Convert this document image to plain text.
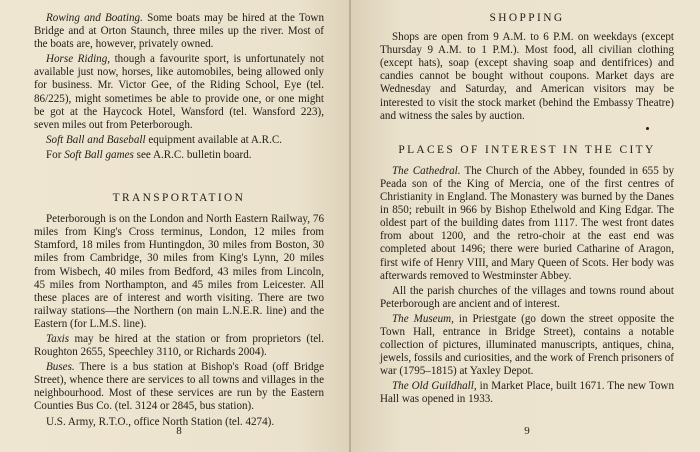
Rowing and Boating. Some boats may be hired at the Town Bridge and at Orton Staunch, three miles up the river. Most of the boats are, however, privately owned.

Horse Riding, though a favourite sport, is unfortunately not available just now, horses, like automobiles, being allowed only for business. Mr. Victor Gee, of the Riding School, Eye (tel. 86/225), might sometimes be able to provide one, or one might be got at the Haycock Hotel, Wansford (tel. Wansford 223), seven miles out from Peterborough.

Soft Ball and Baseball equipment available at A.R.C.

For Soft Ball games see A.R.C. bulletin board.

TRANSPORTATION

Peterborough is on the London and North Eastern Railway, 76 miles from King's Cross terminus, London, 12 miles from Stamford, 18 miles from Huntingdon, 30 miles from Boston, 30 miles from Cambridge, 30 miles from King's Lynn, 20 miles from Wisbech, 40 miles from Bedford, 43 miles from Lincoln, 45 miles from Northampton, and 45 miles from Leicester. All these places are of interest and worth visiting. There are two railway stations—the Northern (on main L.N.E.R. line) and the Eastern (for L.M.S. line).

Taxis may be hired at the station or from proprietors (tel. Roughton 2655, Speechley 3110, or Richards 2004).

Buses. There is a bus station at Bishop's Road (off Bridge Street), whence there are services to all towns and villages in the neighbourhood. Most of these services are run by the Eastern Counties Bus Co. (tel. 3124 or 2845, bus station).

U.S. Army, R.T.O., office North Station (tel. 4274).

8
SHOPPING

Shops are open from 9 A.M. to 6 P.M. on weekdays (except Thursday 9 A.M. to 1 P.M.). Most food, all civilian clothing (except hats), soap (except shaving soap and dentifrices) and candies cannot be bought without coupons. Market days are Wednesday and Saturday, and American visitors may be interested to visit the stock market (behind the Embassy Theatre) and witness the sales by auction.

PLACES OF INTEREST IN THE CITY

The Cathedral. The Church of the Abbey, founded in 655 by Peada son of the King of Mercia, one of the first centres of Christianity in England. The Monastery was burned by the Danes in 850; rebuilt in 966 by Bishop Ethelwold and King Edgar. The oldest part of the building dates from 1117. The west front dates from about 1200, and the retro-choir at the east end was completed about 1496; there were buried Catharine of Aragon, first wife of Henry VIII, and Mary Queen of Scots. Her body was afterwards removed to Westminster Abbey.

All the parish churches of the villages and towns round about Peterborough are ancient and of interest.

The Museum, in Priestgate (go down the street opposite the Town Hall, entrance in Bridge Street), contains a notable collection of pictures, illuminated manuscripts, antiques, china, jewels, fossils and curiosities, and the work of French prisoners of war (1795–1815) at Yaxley Depot.

The Old Guildhall, in Market Place, built 1671. The new Town Hall was opened in 1933.

9
